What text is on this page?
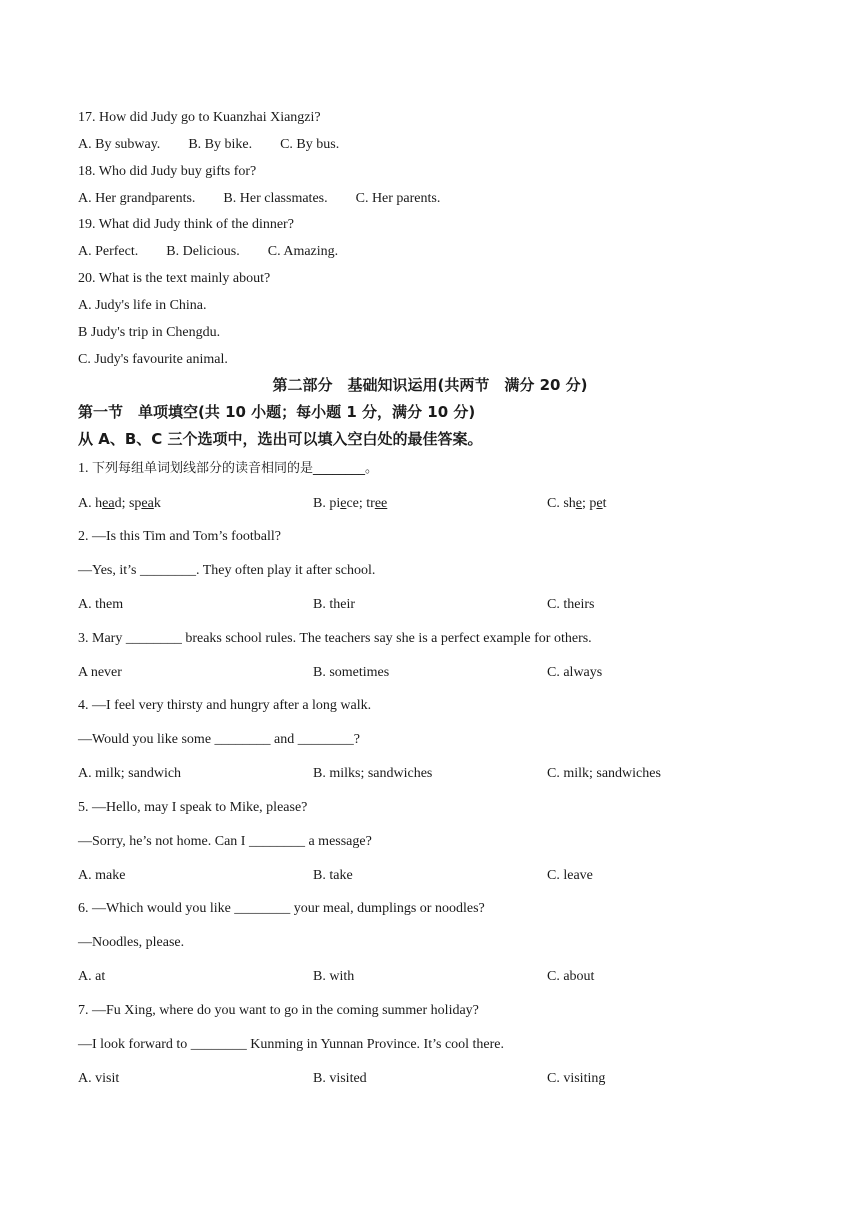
17. How did Judy go to Kuanzhai Xiangzi?
A. By subway. B. By bike. C. By bus.
18. Who did Judy buy gifts for?
A. Her grandparents. B. Her classmates. C. Her parents.
19. What did Judy think of the dinner?
A. Perfect. B. Delicious. C. Amazing.
20. What is the text mainly about?
A. Judy's life in China.
B Judy's trip in Chengdu.
C. Judy's favourite animal.
第二部分　基础知识运用(共两节　满分 20 分)
第一节　单项填空(共 10 小题；每小题 1 分，满分 10 分)
从 A、B、C 三个选项中，选出可以填入空白处的最佳答案。
1. 下列每组单词划线部分的读音相同的是________。
A. head; speak	B. piece; tree	C. she; pet
2. —Is this Tim and Tom’s football?
—Yes, it’s ________. They often play it after school.
A. them	B. their	C. theirs
3. Mary ________ breaks school rules. The teachers say she is a perfect example for others.
A never	B. sometimes	C. always
4. —I feel very thirsty and hungry after a long walk.
—Would you like some ________ and ________?
A. milk; sandwich	B. milks; sandwiches	C. milk; sandwiches
5. —Hello, may I speak to Mike, please?
—Sorry, he’s not home. Can I ________ a message?
A. make	B. take	C. leave
6. —Which would you like ________ your meal, dumplings or noodles?
—Noodles, please.
A. at	B. with	C. about
7. —Fu Xing, where do you want to go in the coming summer holiday?
—I look forward to ________ Kunming in Yunnan Province. It’s cool there.
A. visit	B. visited	C. visiting
